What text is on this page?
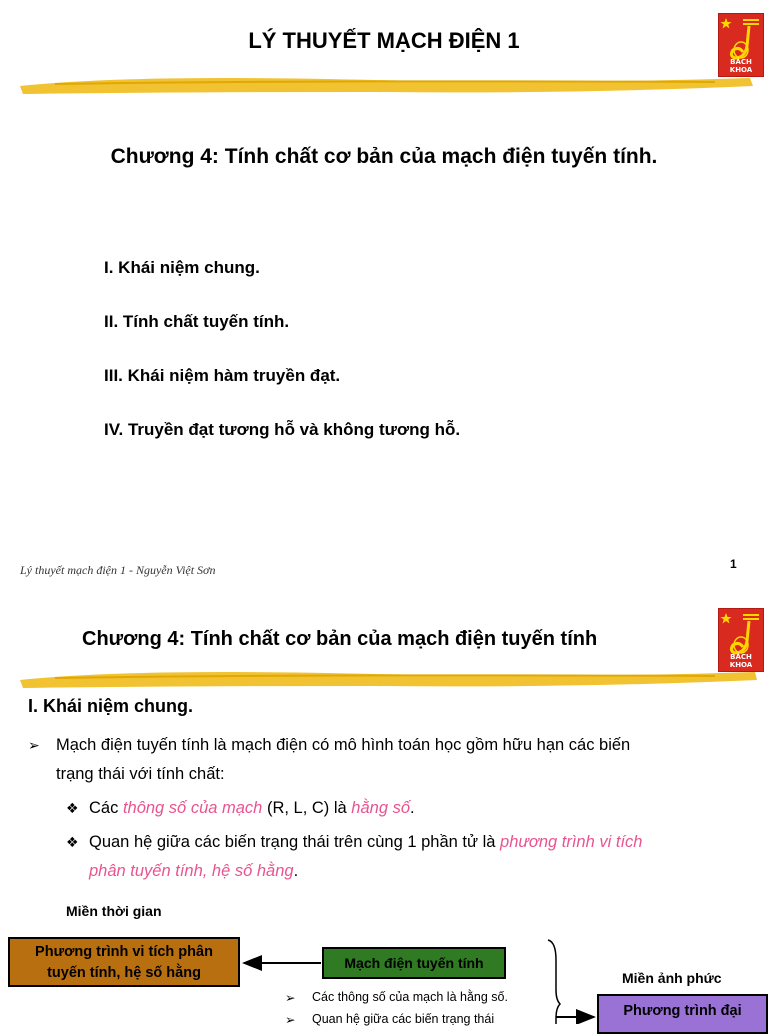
LÝ THUYẾT MẠCH ĐIỆN 1
BÁCH KHOA
Chương 4: Tính chất cơ bản của mạch điện tuyến tính.
I. Khái niệm chung.
II. Tính chất tuyến tính.
III. Khái niệm hàm truyền đạt.
IV. Truyền đạt tương hỗ và không tương hỗ.
Lý thuyết mạch điện 1 - Nguyễn Việt Sơn	1
Chương 4: Tính chất cơ bản của mạch điện tuyến tính
BÁCH KHOA
I. Khái niệm chung.
➢ Mạch điện tuyến tính là mạch điện có mô hình toán học gồm hữu hạn các biến
trạng thái với tính chất:
❖ Các thông số của mạch (R, L, C) là hằng số.
❖ Quan hệ giữa các biến trạng thái trên cùng 1 phần tử là phương trình vi tích
phân tuyến tính, hệ số hằng.
Miền thời gian
Miền ảnh phức
Phương trình vi tích phân
tuyến tính, hệ số hằng
Mạch điện tuyến tính
Phương trình đại
➢ Các thông số của mạch là hằng số.
➢ Quan hệ giữa các biến trạng thái
